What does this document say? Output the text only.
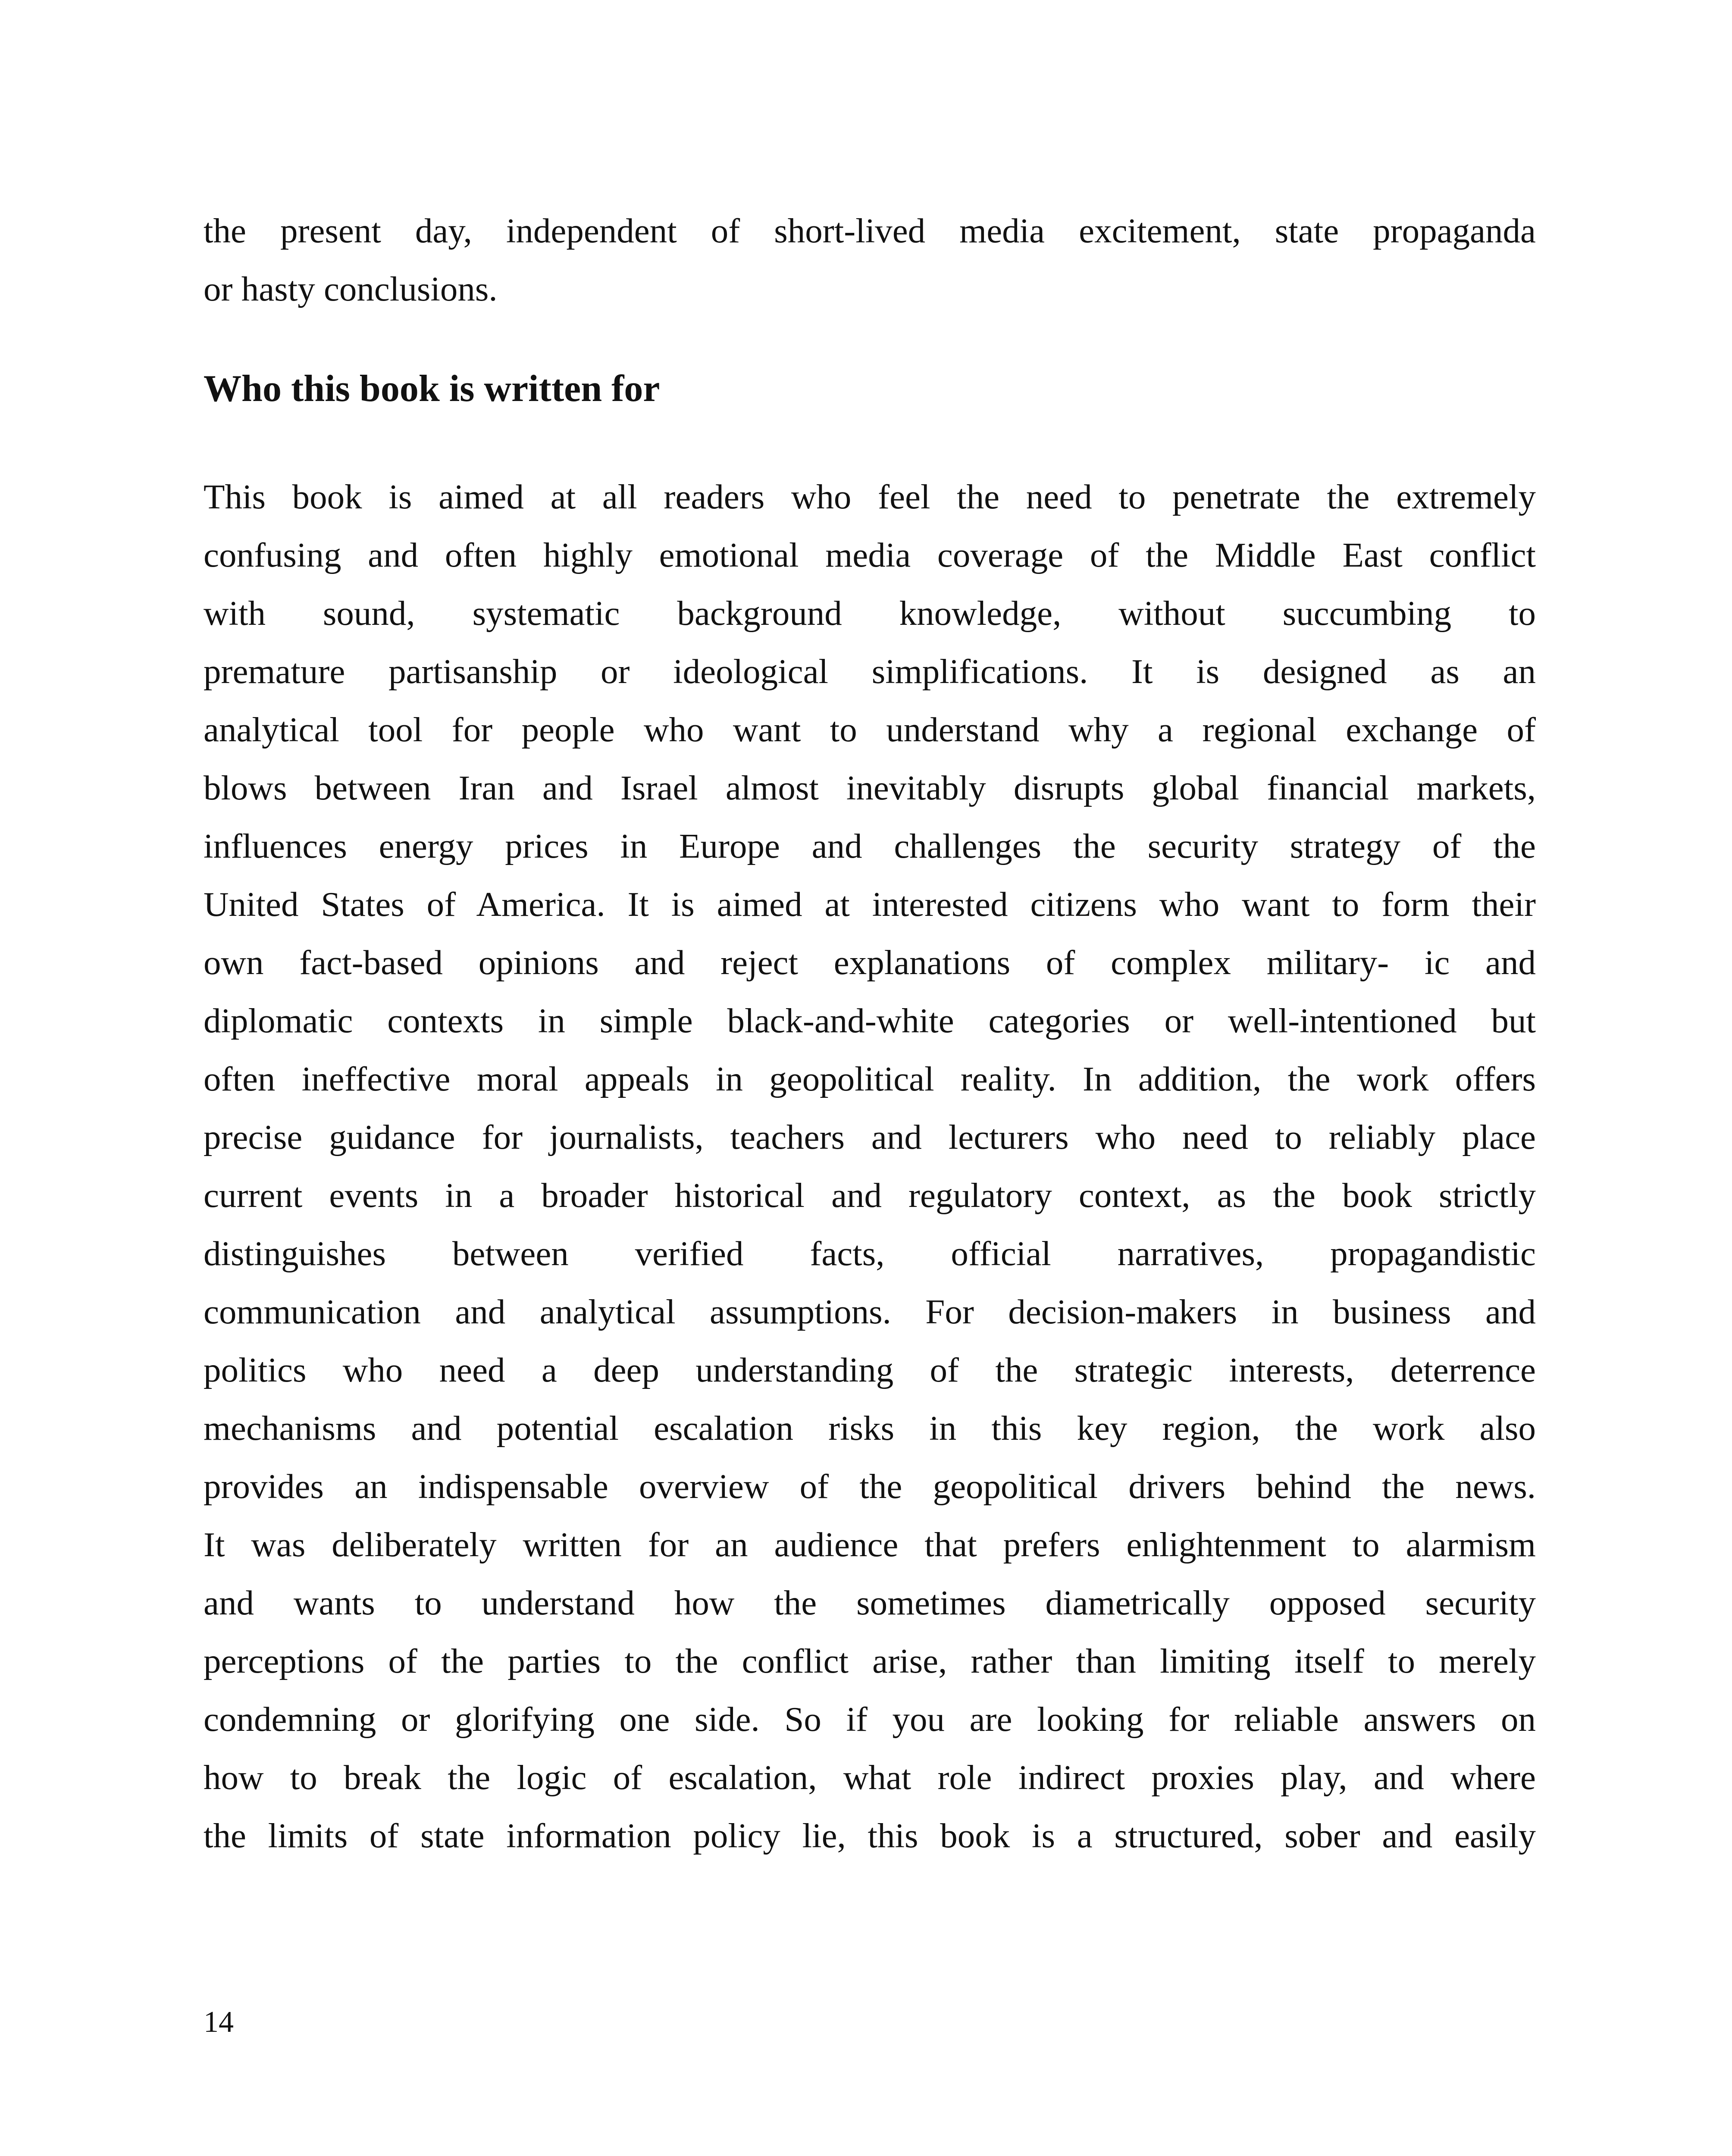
the present day, independent of short-lived media excitement, state propaganda
or hasty conclusions.
Who this book is written for
This book is aimed at all readers who feel the need to penetrate the extremely
confusing and often highly emotional media coverage of the Middle East conflict
with sound, systematic background knowledge, without succumbing to
premature partisanship or ideological simplifications. It is designed as an
analytical tool for people who want to understand why a regional exchange of
blows between Iran and Israel almost inevitably disrupts global financial markets,
influences energy prices in Europe and challenges the security strategy of the
United States of America. It is aimed at interested citizens who want to form their
own fact-based opinions and reject explanations of complex military- ic and
diplomatic contexts in simple black-and-white categories or well-intentioned but
often ineffective moral appeals in geopolitical reality. In addition, the work offers
precise guidance for journalists, teachers and lecturers who need to reliably place
current events in a broader historical and regulatory context, as the book strictly
distinguishes between verified facts, official narratives, propagandistic
communication and analytical assumptions. For decision-makers in business and
politics who need a deep understanding of the strategic interests, deterrence
mechanisms and potential escalation risks in this key region, the work also
provides an indispensable overview of the geopolitical drivers behind the news.
It was deliberately written for an audience that prefers enlightenment to alarmism
and wants to understand how the sometimes diametrically opposed security
perceptions of the parties to the conflict arise, rather than limiting itself to merely
condemning or glorifying one side. So if you are looking for reliable answers on
how to break the logic of escalation, what role indirect proxies play, and where
the limits of state information policy lie, this book is a structured, sober and easily
14
